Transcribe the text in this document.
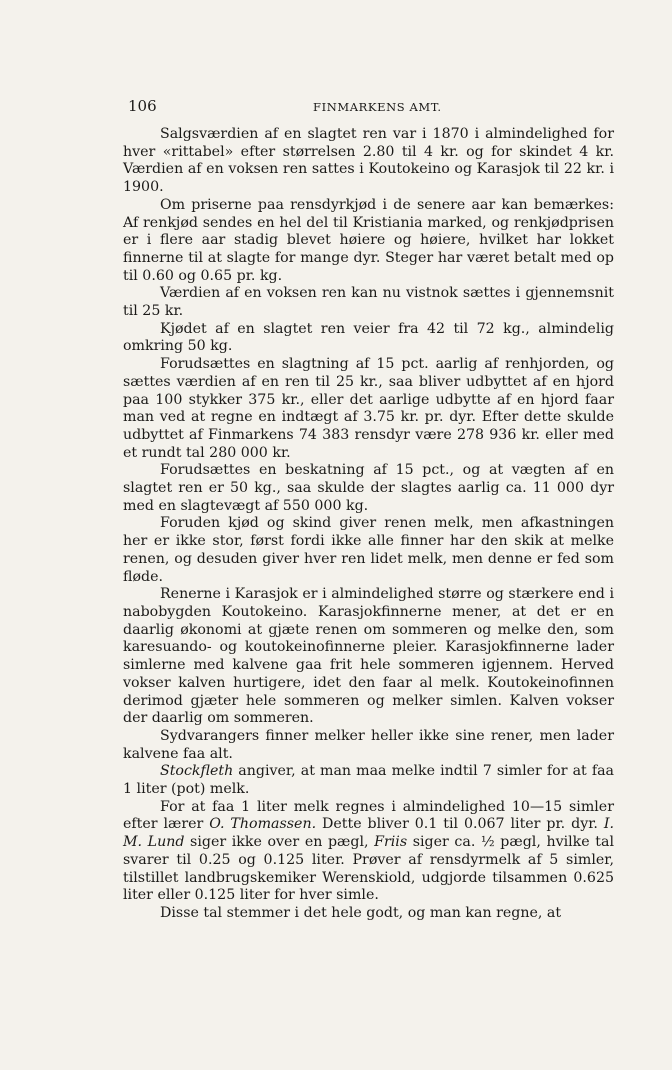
106	FINMARKENS AMT.

Salgsværdien af en slagtet ren var i 1870 i almindelighed for hver «rittabel» efter størrelsen 2.80 til 4 kr. og for skindet 4 kr. Værdien af en voksen ren sattes i Koutokeino og Karasjok til 22 kr. i 1900.

Om priserne paa rensdyrkjød i de senere aar kan bemærkes: Af renkjød sendes en hel del til Kristiania marked, og renkjødprisen er i flere aar stadig blevet høiere og høiere, hvilket har lokket finnerne til at slagte for mange dyr. Steger har været betalt med op til 0.60 og 0.65 pr. kg.

Værdien af en voksen ren kan nu vistnok sættes i gjennemsnit til 25 kr.

Kjødet af en slagtet ren veier fra 42 til 72 kg., almindelig omkring 50 kg.

Forudsættes en slagtning af 15 pct. aarlig af renhjorden, og sættes værdien af en ren til 25 kr., saa bliver udbyttet af en hjord paa 100 stykker 375 kr., eller det aarlige udbytte af en hjord faar man ved at regne en indtægt af 3.75 kr. pr. dyr. Efter dette skulde udbyttet af Finmarkens 74 383 rensdyr være 278 936 kr. eller med et rundt tal 280 000 kr.

Forudsættes en beskatning af 15 pct., og at vægten af en slagtet ren er 50 kg., saa skulde der slagtes aarlig ca. 11 000 dyr med en slagtevægt af 550 000 kg.

Foruden kjød og skind giver renen melk, men afkastningen her er ikke stor, først fordi ikke alle finner har den skik at melke renen, og desuden giver hver ren lidet melk, men denne er fed som fløde.

Renerne i Karasjok er i almindelighed større og stærkere end i nabobygden Koutokeino. Karasjokfinnerne mener, at det er en daarlig økonomi at gjæte renen om sommeren og melke den, som karesuando- og koutokeinofinnerne pleier. Karasjokfinnerne lader simlerne med kalvene gaa frit hele sommeren igjennem. Herved vokser kalven hurtigere, idet den faar al melk. Koutokeinofinnen derimod gjæter hele sommeren og melker simlen. Kalven vokser der daarlig om sommeren.

Sydvarangers finner melker heller ikke sine rener, men lader kalvene faa alt.

Stockfleth angiver, at man maa melke indtil 7 simler for at faa 1 liter (pot) melk.

For at faa 1 liter melk regnes i almindelighed 10—15 simler efter lærer O. Thomassen. Dette bliver 0.1 til 0.067 liter pr. dyr. I. M. Lund siger ikke over en pægl, Friis siger ca. ½ pægl, hvilke tal svarer til 0.25 og 0.125 liter. Prøver af rensdyrmelk af 5 simler, tilstillet landbrugskemiker Werenskiold, udgjorde tilsammen 0.625 liter eller 0.125 liter for hver simle.

Disse tal stemmer i det hele godt, og man kan regne, at
